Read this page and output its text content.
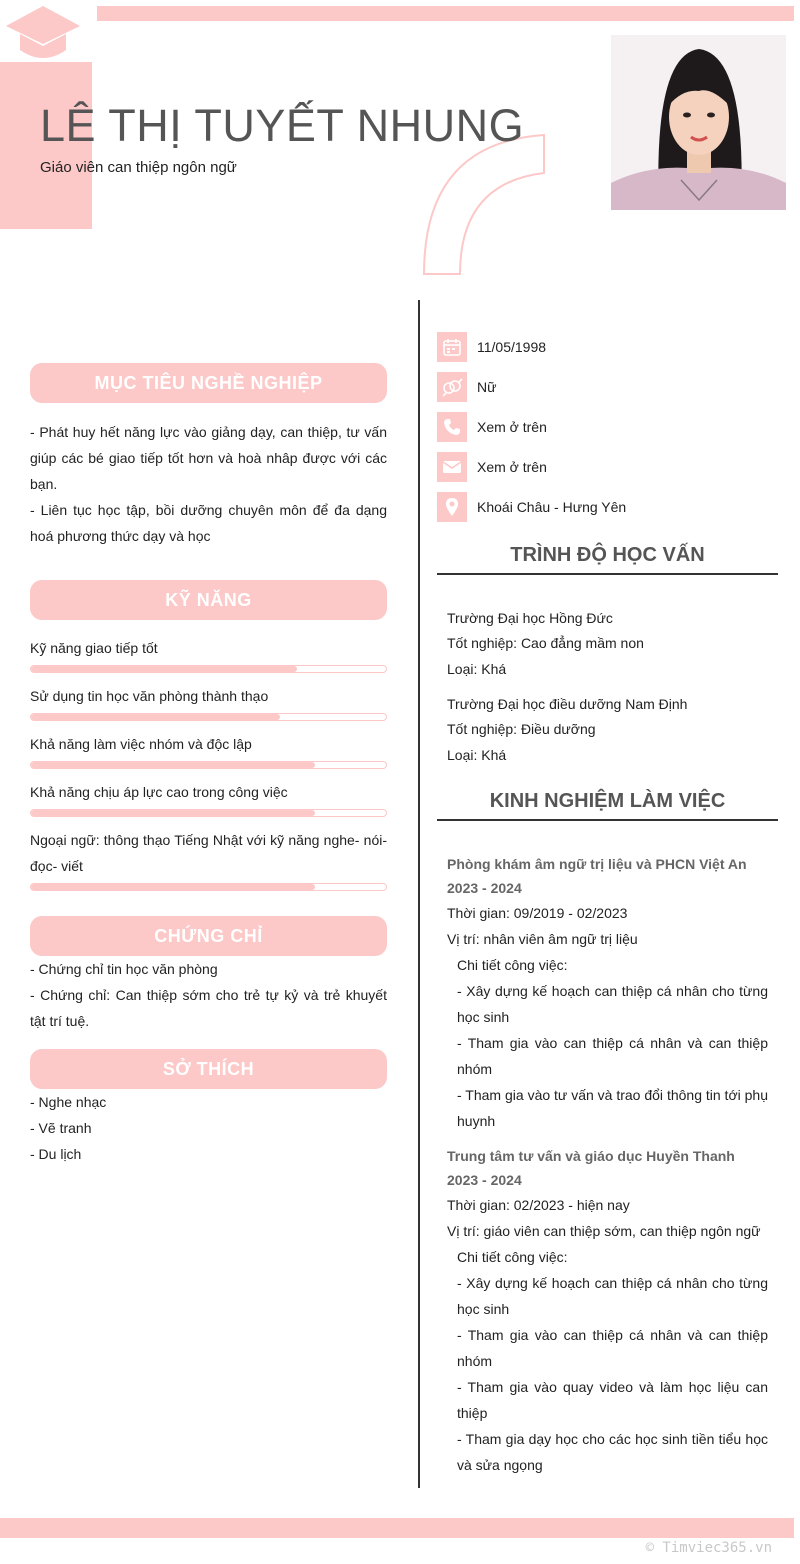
LÊ THỊ TUYẾT NHUNG
Giáo viên can thiệp ngôn ngữ
MỤC TIÊU NGHỀ NGHIỆP
- Phát huy hết năng lực vào giảng dạy, can thiệp, tư vấn giúp các bé giao tiếp tốt hơn và hoà nhâp được với các bạn.
- Liên tục học tập, bồi dưỡng chuyên môn để đa dạng hoá phương thức dạy và học
KỸ NĂNG
Kỹ năng giao tiếp tốt
Sử dụng tin học văn phòng thành thạo
Khả năng làm việc nhóm và độc lập
Khả năng chịu áp lực cao trong công việc
Ngoại ngữ: thông thạo Tiếng Nhật với kỹ năng nghe- nói- đọc- viết
CHỨNG CHỈ
- Chứng chỉ tin học văn phòng
- Chứng chỉ: Can thiệp sớm cho trẻ tự kỷ và trẻ khuyết tật trí tuệ.
SỞ THÍCH
- Nghe nhạc
- Vẽ tranh
- Du lịch
11/05/1998
Nữ
Xem ở trên
Xem ở trên
Khoái Châu - Hưng Yên
TRÌNH ĐỘ HỌC VẤN
Trường Đại học Hồng Đức
Tốt nghiệp: Cao đẳng mầm non
Loại: Khá
Trường Đại học điều dưỡng Nam Định
Tốt nghiệp: Điều dưỡng
Loại: Khá
KINH NGHIỆM LÀM VIỆC
Phòng khám âm ngữ trị liệu và PHCN Việt An
2023 - 2024
Thời gian: 09/2019 - 02/2023
Vị trí: nhân viên âm ngữ trị liệu
Chi tiết công việc:
- Xây dựng kế hoạch can thiệp cá nhân cho từng học sinh
- Tham gia vào can thiệp cá nhân và can thiệp nhóm
- Tham gia vào tư vấn và trao đổi thông tin tới phụ huynh
Trung tâm tư vấn và giáo dục Huyền Thanh
2023 - 2024
Thời gian: 02/2023 - hiện nay
Vị trí: giáo viên can thiệp sớm, can thiệp ngôn ngữ
Chi tiết công việc:
- Xây dựng kế hoạch can thiệp cá nhân cho từng học sinh
- Tham gia vào can thiệp cá nhân và can thiệp nhóm
- Tham gia vào quay video và làm học liệu can thiệp
- Tham gia dạy học cho các học sinh tiền tiểu học và sửa ngọng
© Timviec365.vn
